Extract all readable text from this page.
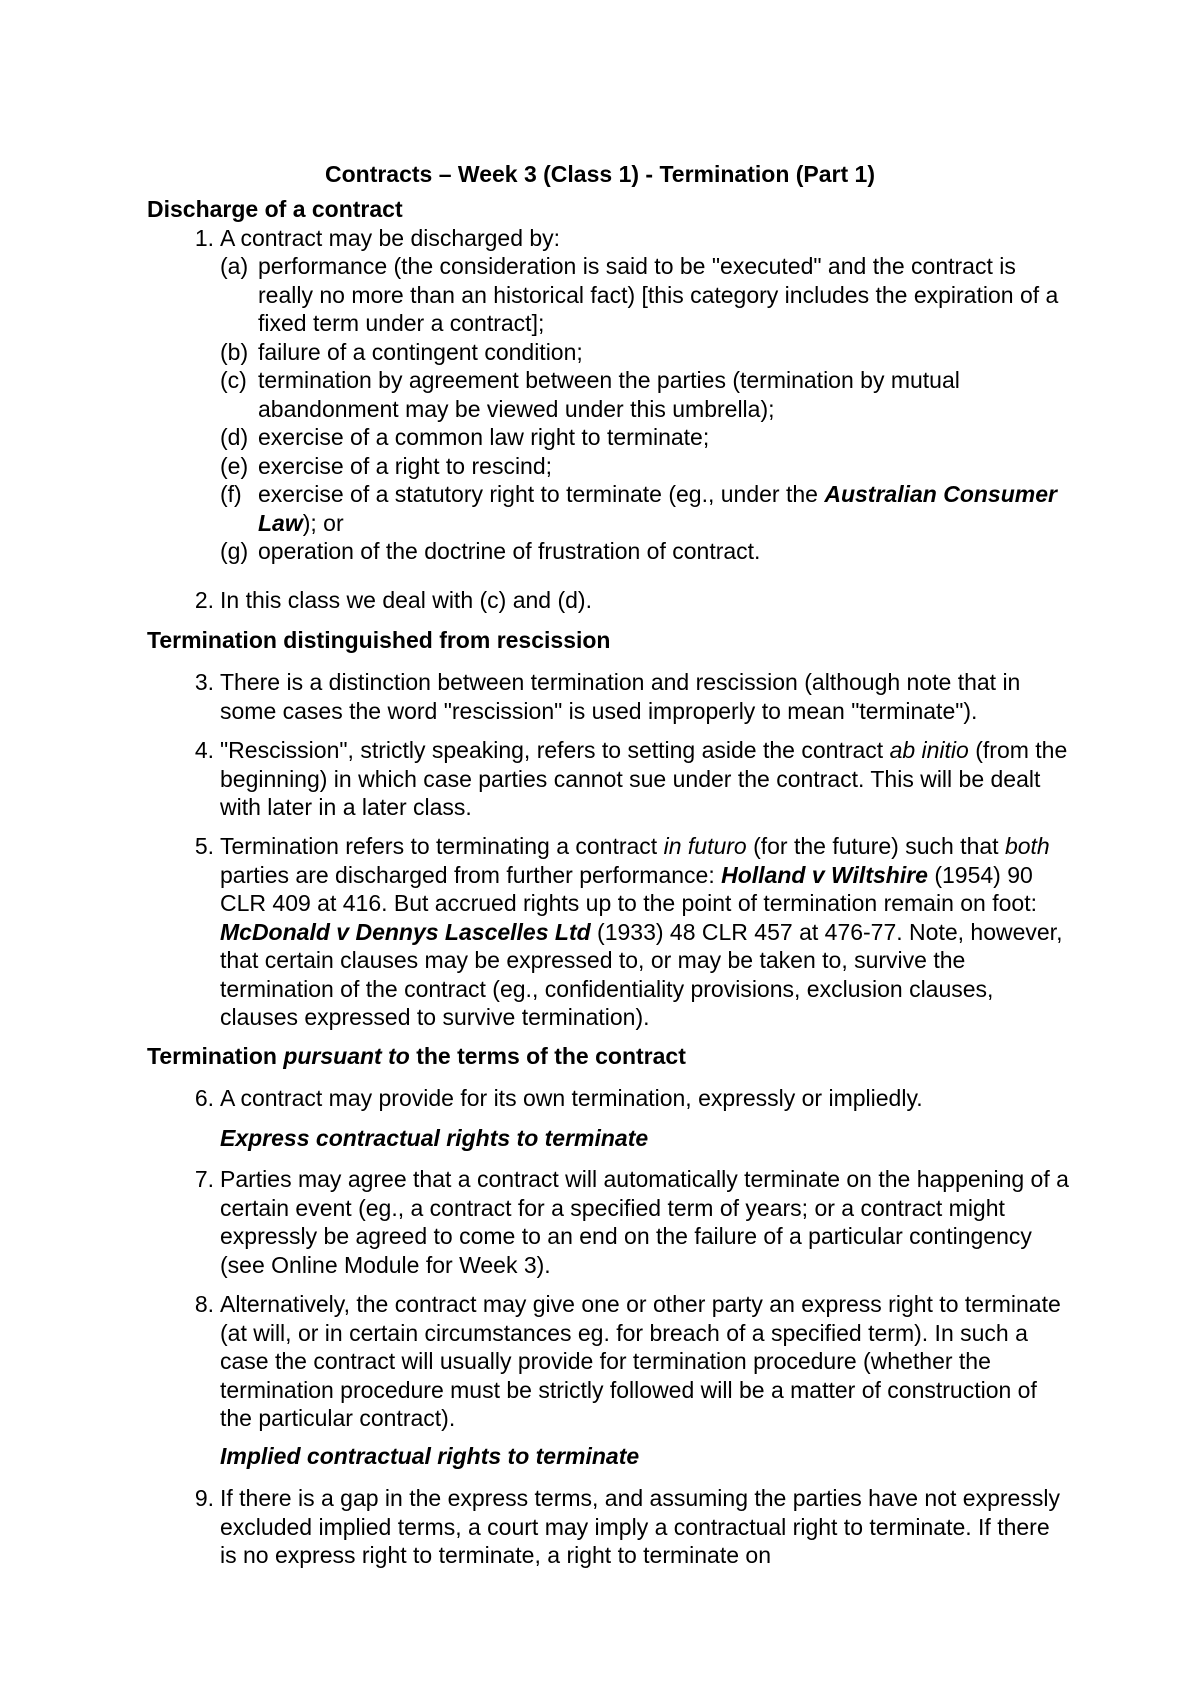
Contracts – Week 3 (Class 1) - Termination (Part 1)
Discharge of a contract
1. A contract may be discharged by:

(a) performance (the consideration is said to be "executed" and the contract is really no more than an historical fact) [this category includes the expiration of a fixed term under a contract];
(b) failure of a contingent condition;
(c) termination by agreement between the parties (termination by mutual abandonment may be viewed under this umbrella);
(d) exercise of a common law right to terminate;
(e) exercise of a right to rescind;
(f) exercise of a statutory right to terminate (eg., under the Australian Consumer Law); or
(g) operation of the doctrine of frustration of contract.
2. In this class we deal with (c) and (d).

Termination distinguished from rescission
3. There is a distinction between termination and rescission (although note that in some cases the word "rescission" is used improperly to mean "terminate").

4. "Rescission", strictly speaking, refers to setting aside the contract ab initio (from the beginning) in which case parties cannot sue under the contract. This will be dealt with later in a later class.

5. Termination refers to terminating a contract in futuro (for the future) such that both parties are discharged from further performance: Holland v Wiltshire (1954) 90 CLR 409 at 416. But accrued rights up to the point of termination remain on foot: McDonald v Dennys Lascelles Ltd (1933) 48 CLR 457 at 476-77. Note, however, that certain clauses may be expressed to, or may be taken to, survive the termination of the contract (eg., confidentiality provisions, exclusion clauses, clauses expressed to survive termination).

Termination pursuant to the terms of the contract
6. A contract may provide for its own termination, expressly or impliedly.

Express contractual rights to terminate
7. Parties may agree that a contract will automatically terminate on the happening of a certain event (eg., a contract for a specified term of years; or a contract might expressly be agreed to come to an end on the failure of a particular contingency (see Online Module for Week 3).

8. Alternatively, the contract may give one or other party an express right to terminate (at will, or in certain circumstances eg. for breach of a specified term). In such a case the contract will usually provide for termination procedure (whether the termination procedure must be strictly followed will be a matter of construction of the particular contract).

Implied contractual rights to terminate
9. If there is a gap in the express terms, and assuming the parties have not expressly excluded implied terms, a court may imply a contractual right to terminate. If there is no express right to terminate, a right to terminate on
